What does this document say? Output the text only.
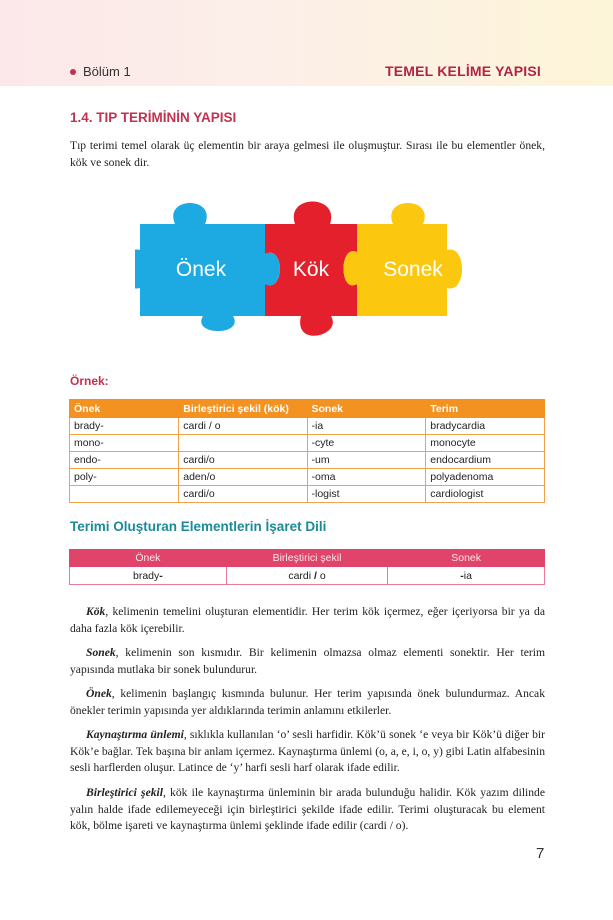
Bölüm 1	TEMEL KELİME YAPISI
1.4. TIP TERİMİNİN YAPISI
Tıp terimi temel olarak üç elementin bir araya gelmesi ile oluşmuştur. Sırası ile bu elementler önek, kök ve sonek dir.
Önek	Kök	Sonek
Örnek:
Önek	Birleştirici şekil (kök)	Sonek	Terim
brady-	cardi / o	-ia	bradycardia
mono-		-cyte	monocyte
endo-	cardi/o	-um	endocardium
poly-	aden/o	-oma	polyadenoma
	cardi/o	-logist	cardiologist
Terimi Oluşturan Elementlerin İşaret Dili
Önek	Birleştirici şekil	Sonek
brady-	cardi / o	-ia
Kök, kelimenin temelini oluşturan elementidir. Her terim kök içermez, eğer içeriyorsa bir ya da daha fazla kök içerebilir.
Sonek, kelimenin son kısmıdır. Bir kelimenin olmazsa olmaz elementi sonektir. Her terim yapısında mutlaka bir sonek bulundurur.
Önek, kelimenin başlangıç kısmında bulunur. Her terim yapısında önek bulundurmaz. Ancak önekler terimin yapısında yer aldıklarında terimin anlamını etkilerler.
Kaynaştırma ünlemi, sıklıkla kullanılan ‘o’ sesli harfidir. Kök’ü sonek ‘e veya bir Kök’ü diğer bir Kök’e bağlar. Tek başına bir anlam içermez. Kaynaştırma ünlemi (o, a, e, i, o, y) gibi Latin alfabesinin sesli harflerden oluşur. Latince de ‘y’ harfi sesli harf olarak ifade edilir.
Birleştirici şekil, kök ile kaynaştırma ünleminin bir arada bulunduğu halidir. Kök yazım dilinde yalın halde ifade edilemeyeceği için birleştirici şekilde ifade edilir. Terimi oluşturacak bu element kök, bölme işareti ve kaynaştırma ünlemi şeklinde ifade edilir (cardi / o).
7
